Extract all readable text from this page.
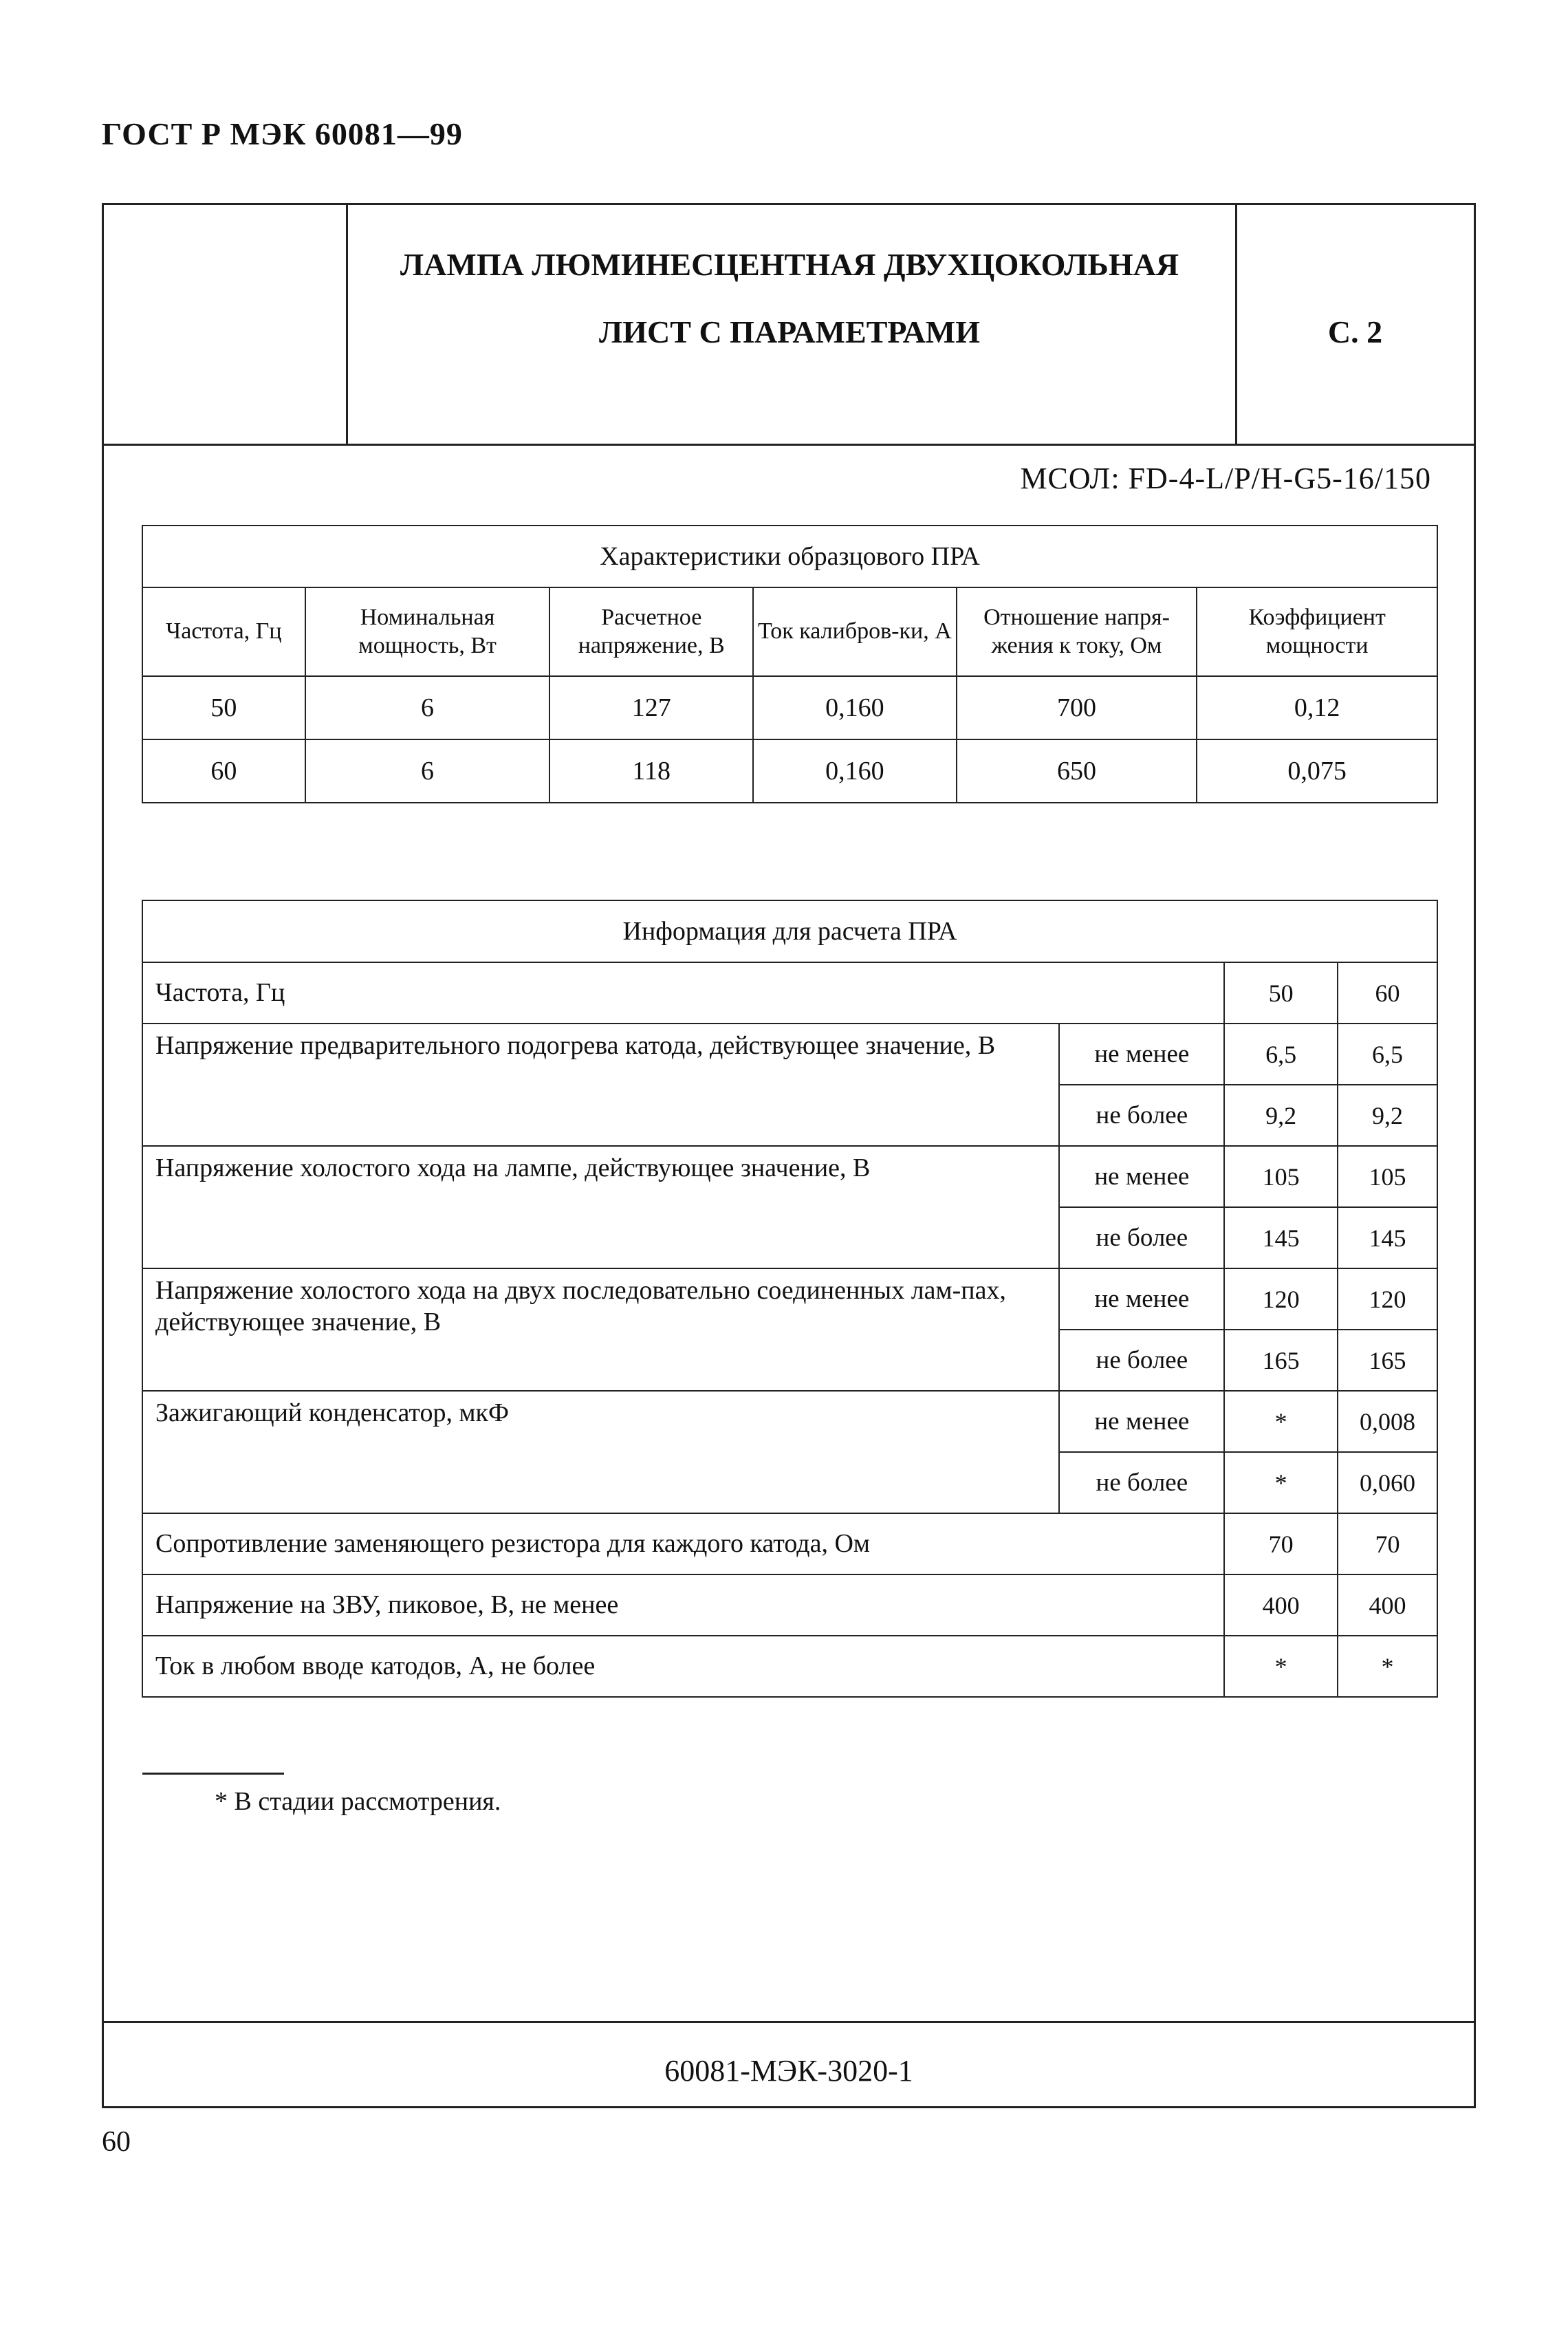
ГОСТ Р МЭК 60081—99
ЛАМПА ЛЮМИНЕСЦЕНТНАЯ ДВУХЦОКОЛЬНАЯ
ЛИСТ С ПАРАМЕТРАМИ	С. 2
МСОЛ: FD-4-L/P/H-G5-16/150
Характеристики образцового ПРА					
Частота, Гц	Номинальная мощность, Вт	Расчетное напряжение, В	Ток калибров-ки, А	Отношение напря-жения к току, Ом	Коэффициент мощности
50	6	127	0,160	700	0,12
60	6	118	0,160	650	0,075
Информация для расчета ПРА			
Частота, Гц		50	60
Напряжение предварительного подогрева катода, действующее значение, В	не менее	6,5	6,5
	не более	9,2	9,2
Напряжение холостого хода на лампе, действующее значение, В	не менее	105	105
	не более	145	145
Напряжение холостого хода на двух последовательно соединенных лам-пах, действующее значение, В	не менее	120	120
	не более	165	165
Зажигающий конденсатор, мкФ	не менее	*	0,008
	не более	*	0,060
Сопротивление заменяющего резистора для каждого катода, Ом		70	70
Напряжение на ЗВУ, пиковое, В, не менее		400	400
Ток в любом вводе катодов, А, не более		*	*
* В стадии рассмотрения.
60081-МЭК-3020-1
60
